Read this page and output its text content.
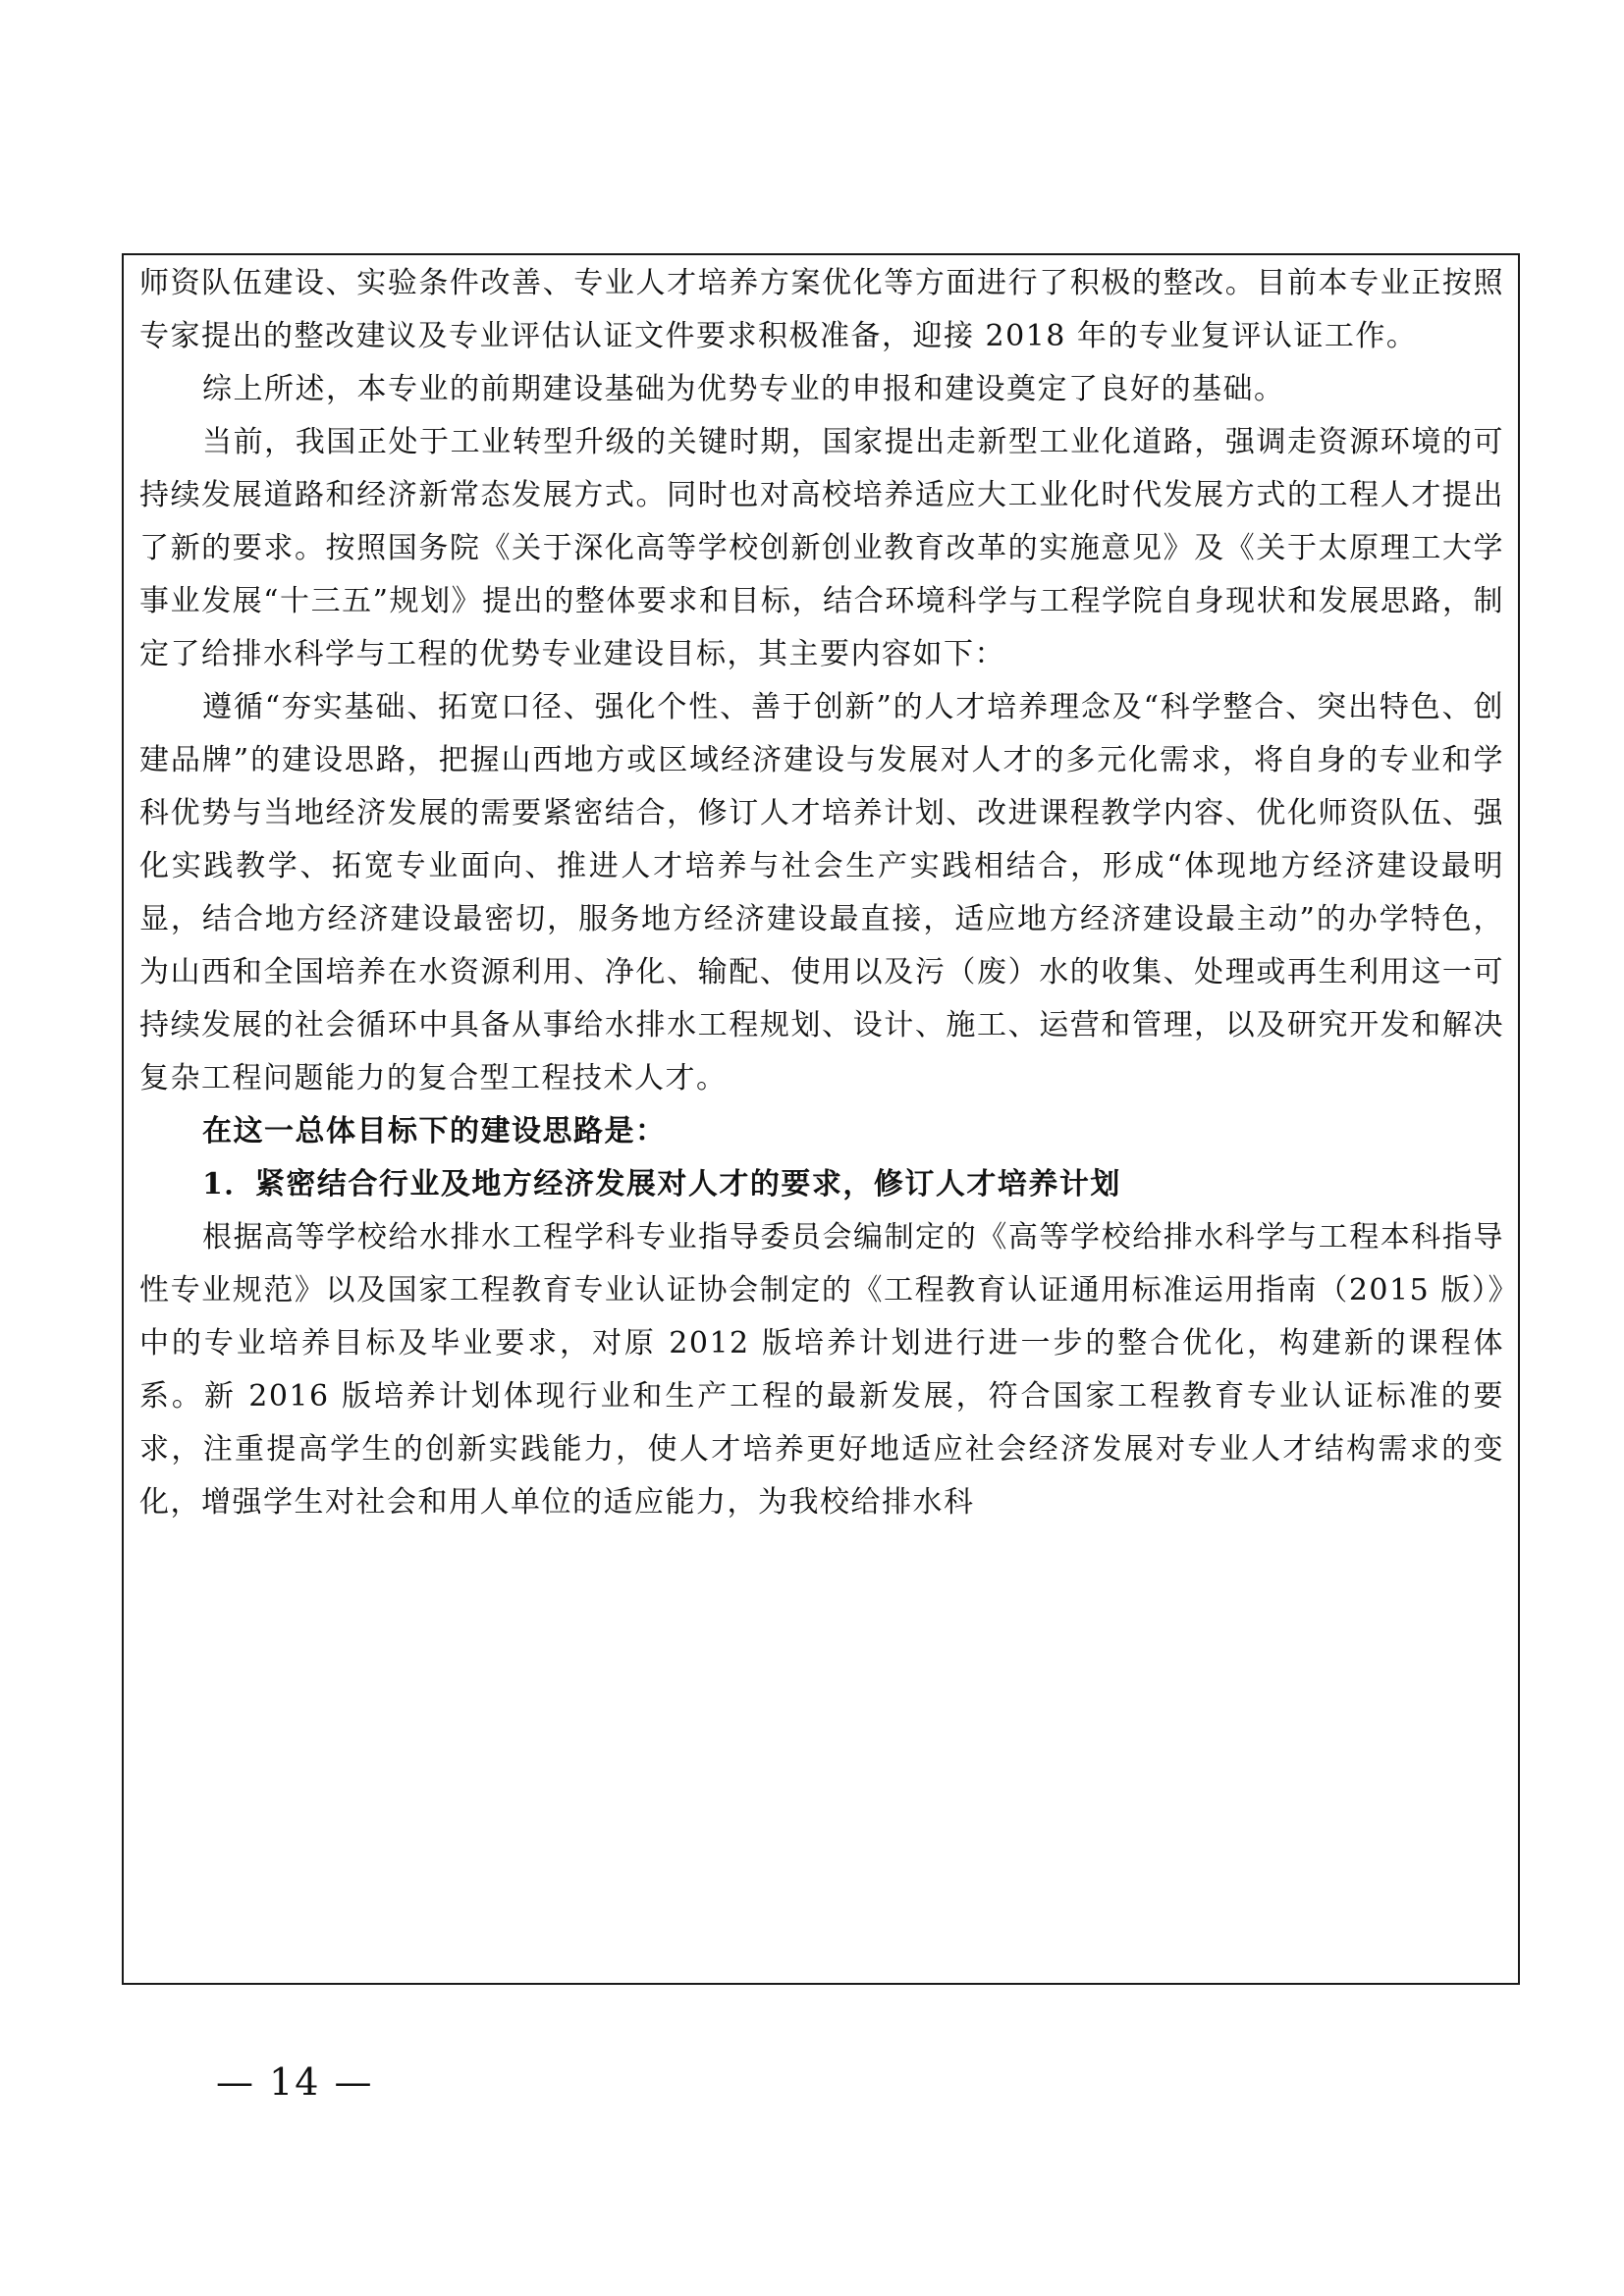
师资队伍建设、实验条件改善、专业人才培养方案优化等方面进行了积极的整改。目前本专业正按照专家提出的整改建议及专业评估认证文件要求积极准备，迎接 2018 年的专业复评认证工作。

综上所述，本专业的前期建设基础为优势专业的申报和建设奠定了良好的基础。

当前，我国正处于工业转型升级的关键时期，国家提出走新型工业化道路，强调走资源环境的可持续发展道路和经济新常态发展方式。同时也对高校培养适应大工业化时代发展方式的工程人才提出了新的要求。按照国务院《关于深化高等学校创新创业教育改革的实施意见》及《关于太原理工大学事业发展“十三五”规划》提出的整体要求和目标，结合环境科学与工程学院自身现状和发展思路，制定了给排水科学与工程的优势专业建设目标，其主要内容如下：

遵循“夯实基础、拓宽口径、强化个性、善于创新”的人才培养理念及“科学整合、突出特色、创建品牌”的建设思路，把握山西地方或区域经济建设与发展对人才的多元化需求，将自身的专业和学科优势与当地经济发展的需要紧密结合，修订人才培养计划、改进课程教学内容、优化师资队伍、强化实践教学、拓宽专业面向、推进人才培养与社会生产实践相结合，形成“体现地方经济建设最明显，结合地方经济建设最密切，服务地方经济建设最直接，适应地方经济建设最主动”的办学特色，为山西和全国培养在水资源利用、净化、输配、使用以及污（废）水的收集、处理或再生利用这一可持续发展的社会循环中具备从事给水排水工程规划、设计、施工、运营和管理，以及研究开发和解决复杂工程问题能力的复合型工程技术人才。

在这一总体目标下的建设思路是：

1．紧密结合行业及地方经济发展对人才的要求，修订人才培养计划

根据高等学校给水排水工程学科专业指导委员会编制定的《高等学校给排水科学与工程本科指导性专业规范》以及国家工程教育专业认证协会制定的《工程教育认证通用标准运用指南（2015 版）》中的专业培养目标及毕业要求，对原 2012 版培养计划进行进一步的整合优化，构建新的课程体系。新 2016 版培养计划体现行业和生产工程的最新发展，符合国家工程教育专业认证标准的要求，注重提高学生的创新实践能力，使人才培养更好地适应社会经济发展对专业人才结构需求的变化，增强学生对社会和用人单位的适应能力，为我校给排水科

— 14 —
